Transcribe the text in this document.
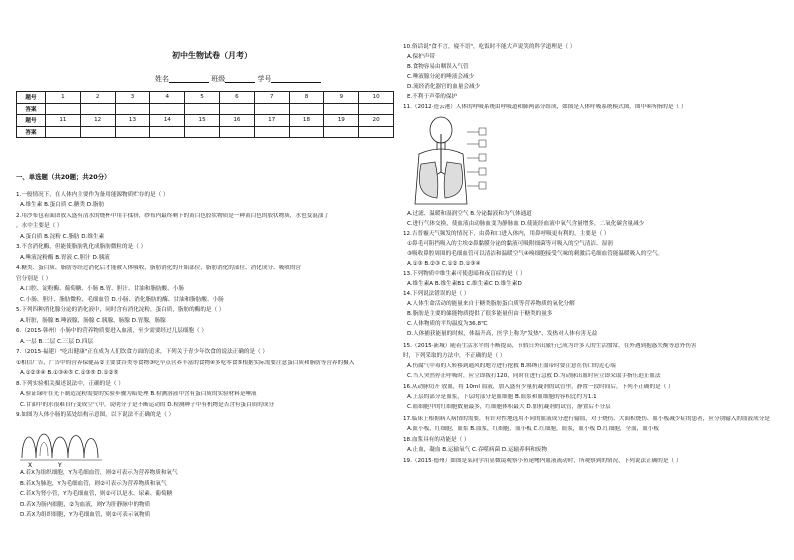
初中生物试卷（月考）
姓名	班级	学号
题号	1	2	3	4	5	6	7	8	9	10
答案										
题号	11	12	13	14	15	16	17	18	19	20
答案										
一、单选题（共20题；共20分）
1.一般情况下，在人体内主要作为备用能源物质贮存的是（ ）
A.维生素 B.蛋白质 C.糖类 D.脂肪
2.用沙布包着面团放入盛有清水的烧杯中用手揉挤，纱布内最终剩下的黄白色胶状物质是一种黄白色的胶状物质，水也变混浊了
，水中主要是（ ）
A.蛋白质 B.淀粉 C.脂肪 D.维生素
3.不含消化酶，但能使脂肪乳化成脂肪微粒的是（ ）
A.唾液淀粉酶 B.胃液 C.胆汁 D.胰液
4.糖类、蛋白质、脂肪等经过消化后才能被人体吸收，脂肪消化的开始部位，脂肪消化的部位、消化成分、吸收的营
官分别是（ ）
A.口腔、淀粉酶、葡萄糖、小肠 B.胃、胆汁、甘油和脂肪酸、小肠
C.小肠、胆汁、脂肪微粒、毛细血管 D.小肠、消化脂肪的酶、甘油和脂肪酸、小肠
5.下列四种消化腺分泌的消化液中，同时含有消化淀粉，蛋白质，脂肪的酶的是（ ）
A.肝脏，肠腺 B.唾液腺，肠腺 C.胰腺，肠腺 D.胃腺，肠腺
6.（2015·韩州）小肠中的营养物质要进入血液，至少需要经过几层细胞（ ）
A.一层 B.二层 C.三层 D.四层
7.（2015·福建）"吃出健康"正在成为人们饮食方面的追求，下列关于青少年饮食的说法正确的是（ ）
①相信广告，广告中的营养保健品②主要食谷类等食物③吃早点营养丰富的食物④多吃零食⑤根据实际需要注意蛋白质和脂肪等营养的摄入
A.①②③④ B.①③④⑤ C.①③⑤ D.①②⑤
8.下列实验相关描述说法中，正确的是（ ）
A.验证绿叶在光下制造淀粉需要的实验步骤为暗处理 B.检测溶液中含有蛋白质的实验材料是唾液
C.甘油中的水很难自行变成空气中，说明分子是不断运动的 D.检测种子中有机物是否含有蛋白质的成分
9.如图为人体小肠的某处结构示意图，以下说法不正确的是（ ）
X	Y
A.若X为组织细胞，Y为毛细血管，则②可表示为营养物质和氧气
B.若X为肺泡，Y为毛细血管，则②可表示为营养物质和氧气
C.若X为肾小管，Y为毛细血管，则②可以是水、尿素、葡萄糖
D.若X为肠内细胞，②为血液，则Y为肝静脉中的物质
D.若X为组织细胞，Y为毛细血管，则②可表示氧物质
10.俗话说"食不言，寝不语"，吃饭时不能大声说笑的科学道理是（ ）
A.保护声带
B.食物容易由咽误入气管
C.唾液腺分泌的唾液会减少
D.流经消化器官的血量会减少
E.不利于声带的保护
11.（2012·连云港）人体的呼吸系统由呼吸道和肺两部分组成，如图是人体呼吸系统模式图，图中⑥所指的是（ ）
A.过滤、温暖和湿润空气 B.分泌黏液和为气体通道
C.进行气体交换，使血液由动脉血变为静脉血 D.使流经血液中氧气含量增多，二氧化碳含量减少
12.吉普霾天气频发的情况下，由鼻和口进入体内，用鼻呼吸更有利的，主要是（ ）
①鼻毛可阻挡吸入的尘埃②鼻黏膜分泌的黏液可吸附细菌等可吸入的空气清洁、湿润
③吸收鼻腔周围的毛细血管可以清洁和温暖空气④嗅细胞接受气味的刺激后毛细血管能温暖吸入的空气。
A.①③ B.②③ C.①② D.①③④
13.下列物质中维生素可使患暗和夜盲症的是（ ）
A.维生素A B.维生素B1 C.维生素C D.维生素D
14.下列说法错误的是（ ）
A.人体生命活动的能量来自于糖类脂肪蛋白质等营养物质的氧化分解
B.脂肪是主要的储能物质提供了很多能量但由于糖类的量多
C.人体物质的平均温度为36.8℃
D.人体捕获能量的时候，体温升高，医学上称为"发热"，发热对人体有害无益
15.（2015·新城）随着生活水平的不断提高，节假日外出旅行已成为许多人的生活惯常，在外遇到抱惑失衡等意外伤害
时，下列采取的方法中，不正确的是（ ）
A.伤腐气中毒的人转移到通风的地方进行抢救 B.绑缚止血带时要注意在伤口的近心端
C.当人突然停止呼吸时，应立即拨打120，同时在进行急救 D.为动脉出血时应立即采取手指压迫止血法
16.从动脉切开 放血，将 10ml 血液，加入盛有少量抗凝剂的试管里，静置一段时间后，下列不正确的是（ ）
A.上层的部分是血浆，下层的部分是血细胞 B.血浆和血细胞的容积比约为1:1
C.血细胞中的红细胞数量最多，红细胞体积最大 D.加抗凝剂的试管，静置后不分层
17.临床上根据病人病情的需要，有针对性地选用不同的血液成分进行输血，对于烧伤、大面积烧伤、血小板减少症的患者，应分别输入的血液成分是
A.血小板，红细胞，血浆 B.血浆，红细胞，血小板 C.红细胞，血浆，血小板 D.红细胞，全血，血小板
18.血浆具有的功能是（ ）
A.止血，凝血 B.运输氧气 C.吞噬病菌 D.运输养料和废物
19.（2015·德州）如图是某同学用显微镜观察小鱼尾鳍内血液流动时，所观察到的情况，下列说法正确的是（ ）
